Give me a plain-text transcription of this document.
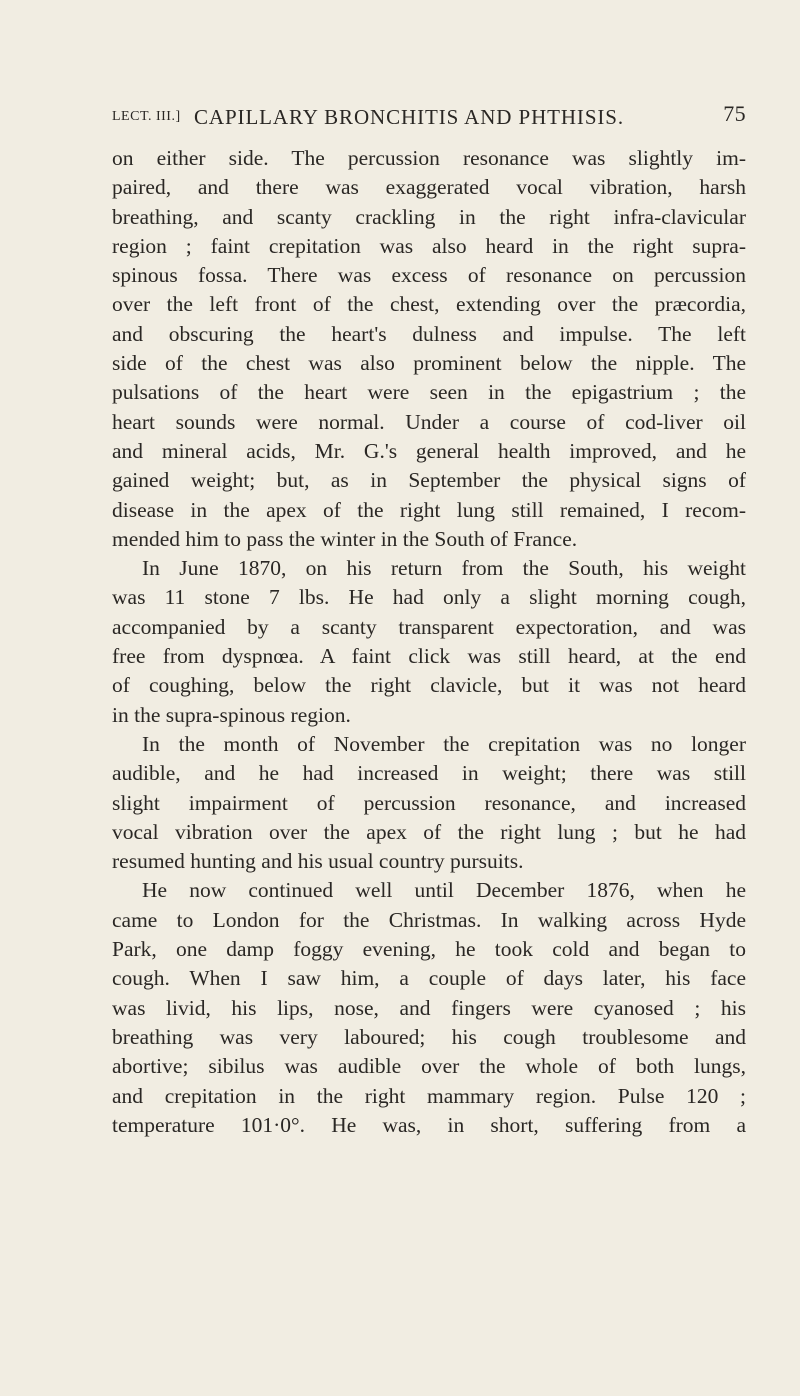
LECT. III.] CAPILLARY BRONCHITIS AND PHTHISIS.	75
on either side. The percussion resonance was slightly im-
paired, and there was exaggerated vocal vibration, harsh
breathing, and scanty crackling in the right infra-clavicular
region ; faint crepitation was also heard in the right supra-
spinous fossa. There was excess of resonance on percussion
over the left front of the chest, extending over the præcordia,
and obscuring the heart's dulness and impulse. The left
side of the chest was also prominent below the nipple. The
pulsations of the heart were seen in the epigastrium ; the
heart sounds were normal. Under a course of cod-liver oil
and mineral acids, Mr. G.'s general health improved, and he
gained weight; but, as in September the physical signs of
disease in the apex of the right lung still remained, I recom-
mended him to pass the winter in the South of France.
In June 1870, on his return from the South, his weight
was 11 stone 7 lbs. He had only a slight morning cough,
accompanied by a scanty transparent expectoration, and was
free from dyspnœa. A faint click was still heard, at the end
of coughing, below the right clavicle, but it was not heard
in the supra-spinous region.
In the month of November the crepitation was no longer
audible, and he had increased in weight; there was still
slight impairment of percussion resonance, and increased
vocal vibration over the apex of the right lung ; but he had
resumed hunting and his usual country pursuits.
He now continued well until December 1876, when he
came to London for the Christmas. In walking across Hyde
Park, one damp foggy evening, he took cold and began to
cough. When I saw him, a couple of days later, his face
was livid, his lips, nose, and fingers were cyanosed ; his
breathing was very laboured; his cough troublesome and
abortive; sibilus was audible over the whole of both lungs,
and crepitation in the right mammary region. Pulse 120 ;
temperature 101·0°. He was, in short, suffering from a
